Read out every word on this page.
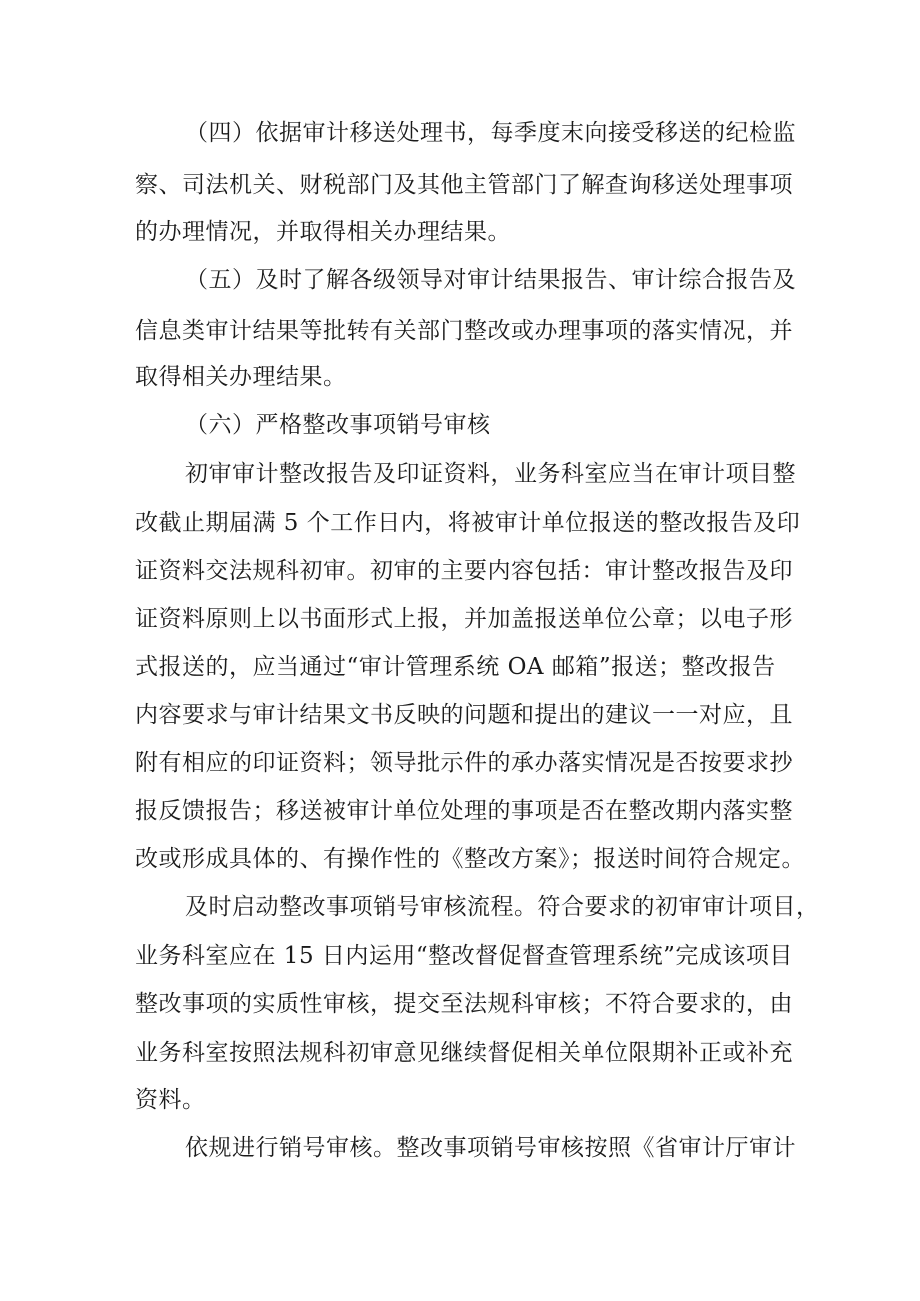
（四）依据审计移送处理书，每季度末向接受移送的纪检监

察、司法机关、财税部门及其他主管部门了解查询移送处理事项

的办理情况，并取得相关办理结果。

（五）及时了解各级领导对审计结果报告、审计综合报告及

信息类审计结果等批转有关部门整改或办理事项的落实情况，并

取得相关办理结果。

（六）严格整改事项销号审核

初审审计整改报告及印证资料，业务科室应当在审计项目整

改截止期届满 5 个工作日内，将被审计单位报送的整改报告及印

证资料交法规科初审。初审的主要内容包括：审计整改报告及印

证资料原则上以书面形式上报，并加盖报送单位公章；以电子形

式报送的，应当通过“审计管理系统 OA 邮箱”报送；整改报告

内容要求与审计结果文书反映的问题和提出的建议一一对应，且

附有相应的印证资料；领导批示件的承办落实情况是否按要求抄

报反馈报告；移送被审计单位处理的事项是否在整改期内落实整

改或形成具体的、有操作性的《整改方案》；报送时间符合规定。

及时启动整改事项销号审核流程。符合要求的初审审计项目，

业务科室应在 15 日内运用“整改督促督查管理系统”完成该项目

整改事项的实质性审核，提交至法规科审核；不符合要求的，由

业务科室按照法规科初审意见继续督促相关单位限期补正或补充

资料。

依规进行销号审核。整改事项销号审核按照《省审计厅审计
